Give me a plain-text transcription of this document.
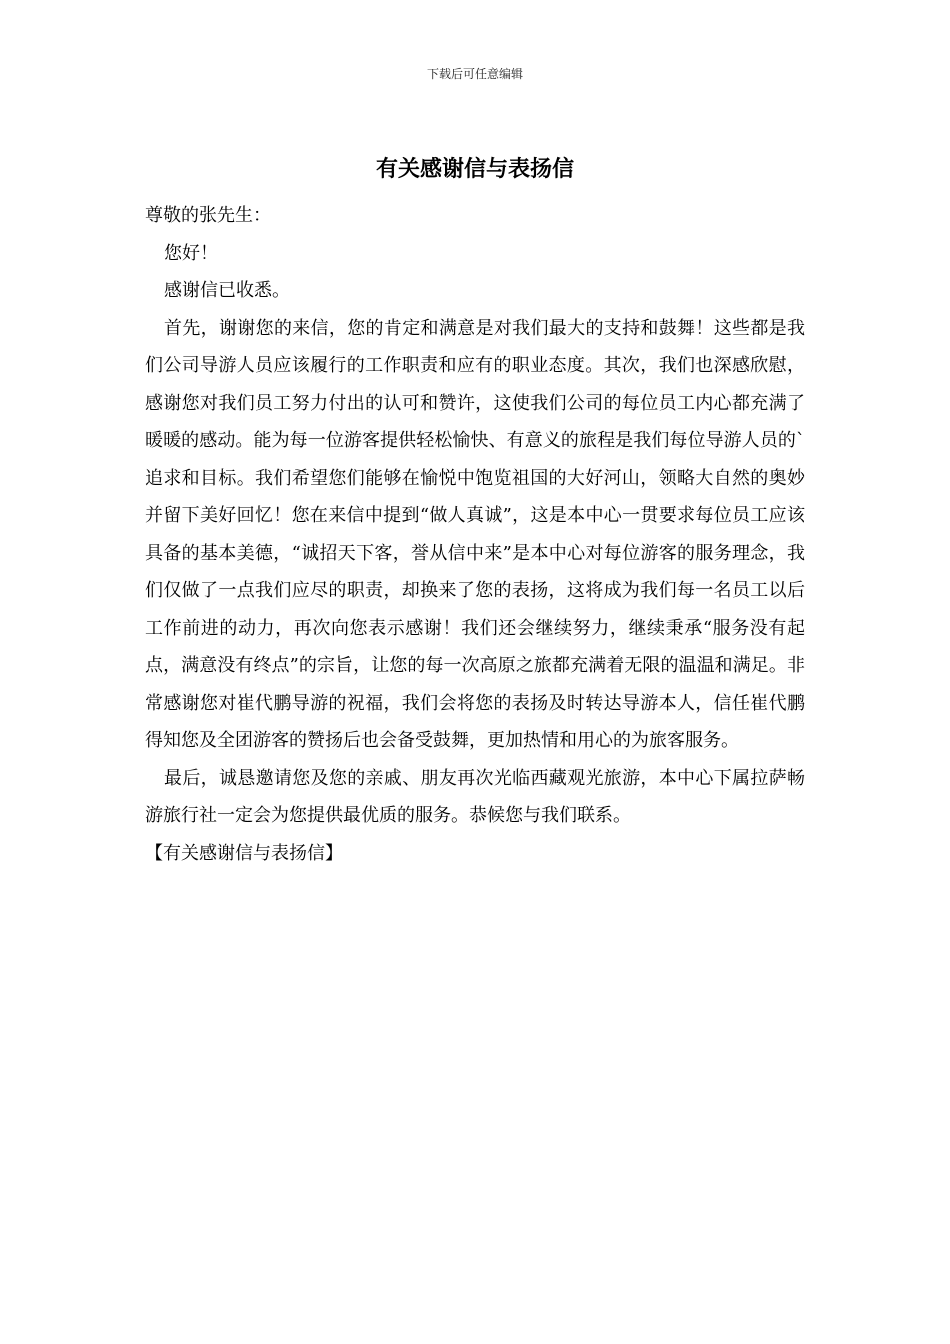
下载后可任意编辑
有关感谢信与表扬信

尊敬的张先生：

您好！

感谢信已收悉。

首先，谢谢您的来信，您的肯定和满意是对我们最大的支持和鼓舞！这些都是我们公司导游人员应该履行的工作职责和应有的职业态度。其次，我们也深感欣慰，感谢您对我们员工努力付出的认可和赞许，这使我们公司的每位员工内心都充满了暖暖的感动。能为每一位游客提供轻松愉快、有意义的旅程是我们每位导游人员的`追求和目标。我们希望您们能够在愉悦中饱览祖国的大好河山，领略大自然的奥妙并留下美好回忆！您在来信中提到“做人真诚”，这是本中心一贯要求每位员工应该具备的基本美德，“诚招天下客，誉从信中来”是本中心对每位游客的服务理念，我们仅做了一点我们应尽的职责，却换来了您的表扬，这将成为我们每一名员工以后工作前进的动力，再次向您表示感谢！我们还会继续努力，继续秉承“服务没有起点，满意没有终点”的宗旨，让您的每一次高原之旅都充满着无限的温温和满足。非常感谢您对崔代鹏导游的祝福，我们会将您的表扬及时转达导游本人，信任崔代鹏得知您及全团游客的赞扬后也会备受鼓舞，更加热情和用心的为旅客服务。

最后，诚恳邀请您及您的亲戚、朋友再次光临西藏观光旅游，本中心下属拉萨畅游旅行社一定会为您提供最优质的服务。恭候您与我们联系。

【有关感谢信与表扬信】
